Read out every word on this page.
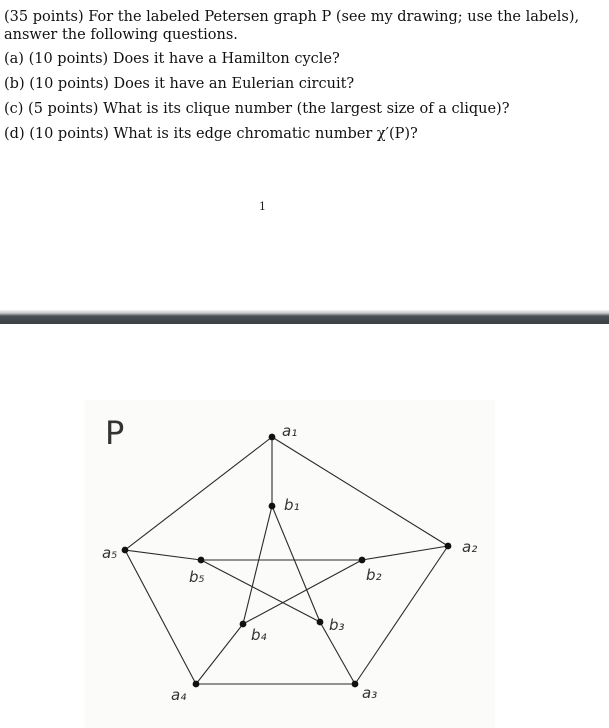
(35 points) For the labeled Petersen graph P (see my drawing; use the labels), answer the following questions.

(a) (10 points) Does it have a Hamilton cycle?

(b) (10 points) Does it have an Eulerian circuit?

(c) (5 points) What is its clique number (the largest size of a clique)?

(d) (10 points) What is its edge chromatic number χ′(P)?

1
P	a₁
a₂
a₃
a₄
a₅
b₁
b₂
b₃
b₄
b₅
